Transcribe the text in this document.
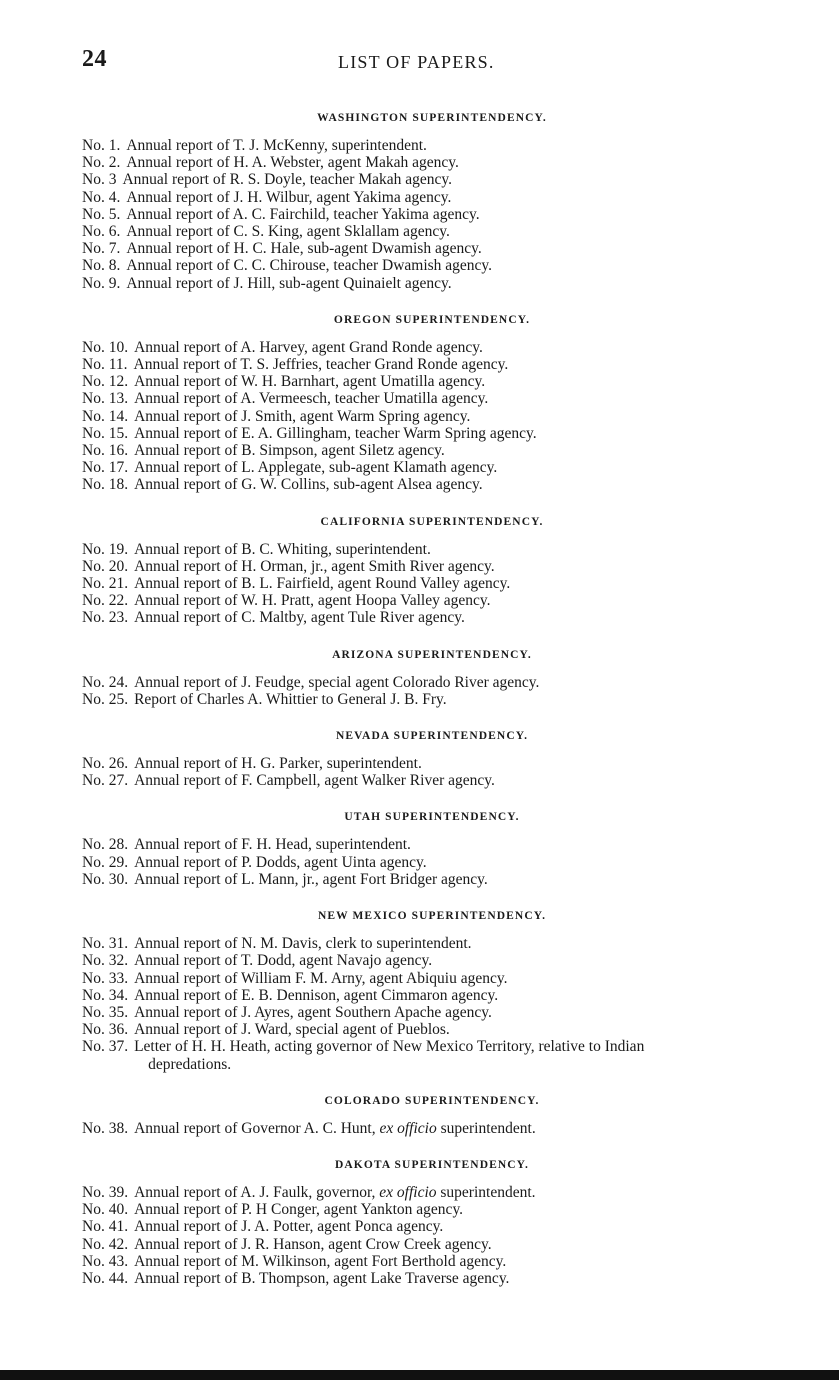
24	LIST OF PAPERS.
WASHINGTON SUPERINTENDENCY.
No. 1. Annual report of T. J. McKenny, superintendent.
No. 2. Annual report of H. A. Webster, agent Makah agency.
No. 3 Annual report of R. S. Doyle, teacher Makah agency.
No. 4. Annual report of J. H. Wilbur, agent Yakima agency.
No. 5. Annual report of A. C. Fairchild, teacher Yakima agency.
No. 6. Annual report of C. S. King, agent Sklallam agency.
No. 7. Annual report of H. C. Hale, sub-agent Dwamish agency.
No. 8. Annual report of C. C. Chirouse, teacher Dwamish agency.
No. 9. Annual report of J. Hill, sub-agent Quinaielt agency.
OREGON SUPERINTENDENCY.
No. 10. Annual report of A. Harvey, agent Grand Ronde agency.
No. 11. Annual report of T. S. Jeffries, teacher Grand Ronde agency.
No. 12. Annual report of W. H. Barnhart, agent Umatilla agency.
No. 13. Annual report of A. Vermeesch, teacher Umatilla agency.
No. 14. Annual report of J. Smith, agent Warm Spring agency.
No. 15. Annual report of E. A. Gillingham, teacher Warm Spring agency.
No. 16. Annual report of B. Simpson, agent Siletz agency.
No. 17. Annual report of L. Applegate, sub-agent Klamath agency.
No. 18. Annual report of G. W. Collins, sub-agent Alsea agency.
CALIFORNIA SUPERINTENDENCY.
No. 19. Annual report of B. C. Whiting, superintendent.
No. 20. Annual report of H. Orman, jr., agent Smith River agency.
No. 21. Annual report of B. L. Fairfield, agent Round Valley agency.
No. 22. Annual report of W. H. Pratt, agent Hoopa Valley agency.
No. 23. Annual report of C. Maltby, agent Tule River agency.
ARIZONA SUPERINTENDENCY.
No. 24. Annual report of J. Feudge, special agent Colorado River agency.
No. 25. Report of Charles A. Whittier to General J. B. Fry.
NEVADA SUPERINTENDENCY.
No. 26. Annual report of H. G. Parker, superintendent.
No. 27. Annual report of F. Campbell, agent Walker River agency.
UTAH SUPERINTENDENCY.
No. 28. Annual report of F. H. Head, superintendent.
No. 29. Annual report of P. Dodds, agent Uinta agency.
No. 30. Annual report of L. Mann, jr., agent Fort Bridger agency.
NEW MEXICO SUPERINTENDENCY.
No. 31. Annual report of N. M. Davis, clerk to superintendent.
No. 32. Annual report of T. Dodd, agent Navajo agency.
No. 33. Annual report of William F. M. Arny, agent Abiquiu agency.
No. 34. Annual report of E. B. Dennison, agent Cimmaron agency.
No. 35. Annual report of J. Ayres, agent Southern Apache agency.
No. 36. Annual report of J. Ward, special agent of Pueblos.
No. 37. Letter of H. H. Heath, acting governor of New Mexico Territory, relative to Indian
depredations.
COLORADO SUPERINTENDENCY.
No. 38. Annual report of Governor A. C. Hunt, ex officio superintendent.
DAKOTA SUPERINTENDENCY.
No. 39. Annual report of A. J. Faulk, governor, ex officio superintendent.
No. 40. Annual report of P. H Conger, agent Yankton agency.
No. 41. Annual report of J. A. Potter, agent Ponca agency.
No. 42. Annual report of J. R. Hanson, agent Crow Creek agency.
No. 43. Annual report of M. Wilkinson, agent Fort Berthold agency.
No. 44. Annual report of B. Thompson, agent Lake Traverse agency.
